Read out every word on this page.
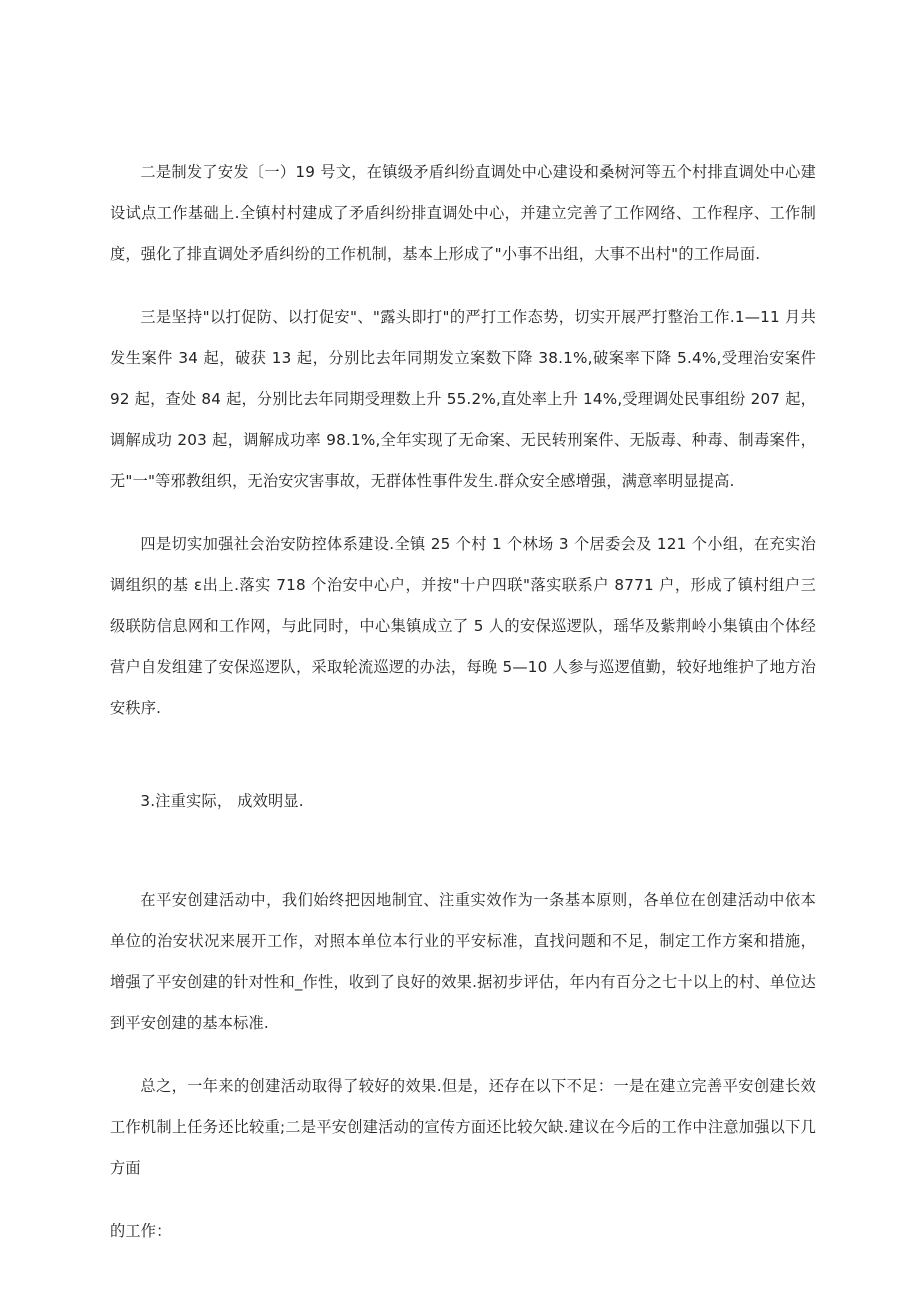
二是制发了安发〔一）19 号文，在镇级矛盾纠纷直调处中心建设和桑树河等五个村排直调处中心建设试点工作基础上.全镇村村建成了矛盾纠纷排直调处中心，并建立完善了工作网络、工作程序、工作制度，强化了排直调处矛盾纠纷的工作机制，基本上形成了"小事不出组，大事不出村"的工作局面.

三是坚持"以打促防、以打促安"、"露头即打"的严打工作态势，切实开展严打整治工作.1—11 月共发生案件 34 起，破获 13 起，分别比去年同期发立案数下降 38.1%,破案率下降 5.4%,受理治安案件 92 起，查处 84 起，分别比去年同期受理数上升 55.2%,直处率上升 14%,受理调处民事组纷 207 起，调解成功 203 起，调解成功率 98.1%,全年实现了无命案、无民转刑案件、无版毒、种毒、制毒案件，无"一"等邪教组织，无治安灾害事故，无群体性事件发生.群众安全感增强，满意率明显提高.

四是切实加强社会治安防控体系建设.全镇 25 个村 1 个林场 3 个居委会及 121 个小组，在充实治调组织的基 ɛ出上.落实 718 个治安中心户，并按"十户四联"落实联系户 8771 户，形成了镇村组户三级联防信息网和工作网，与此同时，中心集镇成立了 5 人的安保巡逻队，瑶华及紫荆岭小集镇由个体经营户自发组建了安保巡逻队，采取轮流巡逻的办法，每晚 5—10 人参与巡逻值勤，较好地维护了地方治安秩序.

3.注重实际， 成效明显.

在平安创建活动中，我们始终把因地制宜、注重实效作为一条基本原则，各单位在创建活动中依本单位的治安状况来展开工作，对照本单位本行业的平安标准，直找问题和不足，制定工作方案和措施，增强了平安创建的针对性和_作性，收到了良好的效果.据初步评估，年内有百分之七十以上的村、单位达到平安创建的基本标准.

总之，一年来的创建活动取得了较好的效果.但是，还存在以下不足：一是在建立完善平安创建长效工作机制上任务还比较重;二是平安创建活动的宣传方面还比较欠缺.建议在今后的工作中注意加强以下几方面

的工作：
